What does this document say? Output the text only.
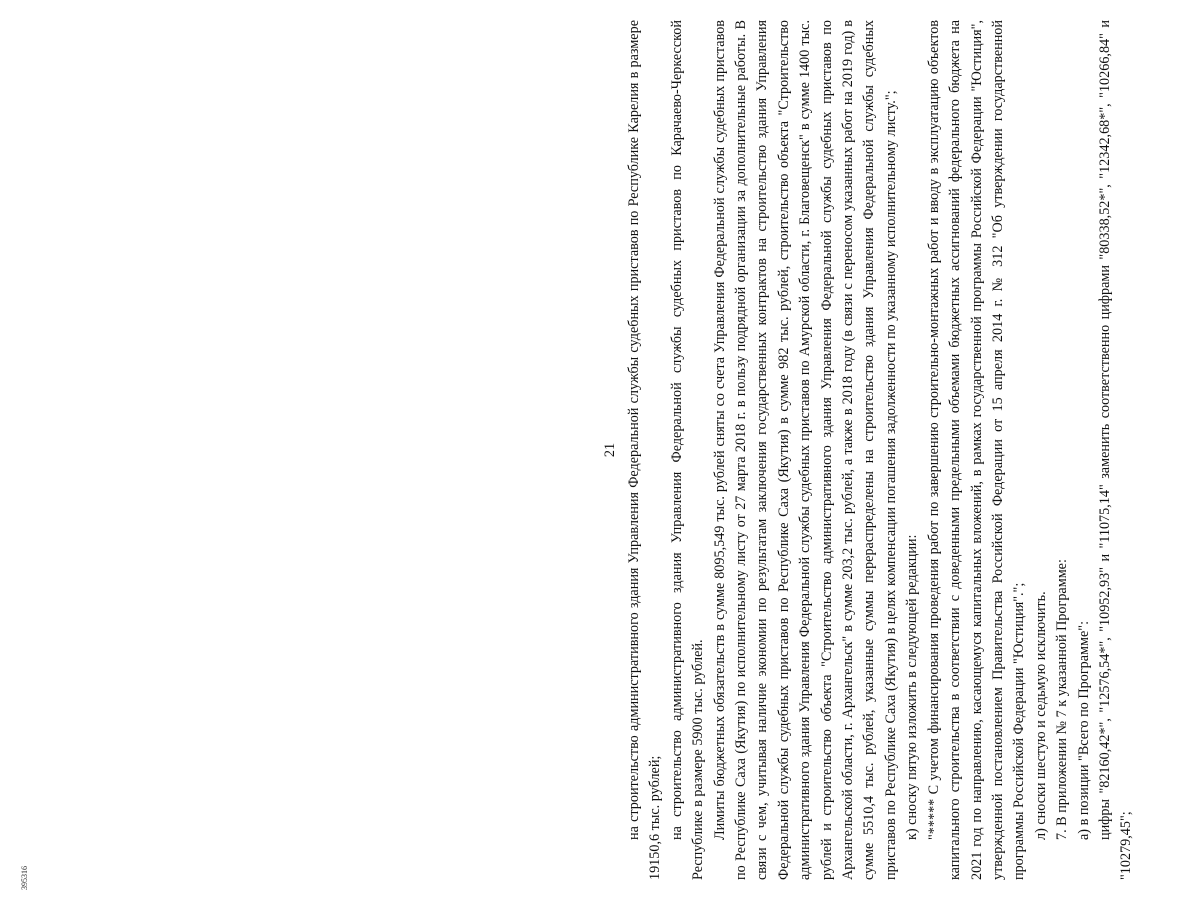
21 на строительство административного здания Управления Федеральной службы судебных приставов по Республике Карелия в размере 19150,6 тыс. рублей; на строительство административного здания Управления Федеральной службы судебных приставов по Карачаево-Черкесской Республике в размере 5900 тыс. рублей. Лимиты бюджетных обязательств в сумме 8095,549 тыс. рублей сняты со счета Управления Федеральной службы судебных приставов по Республике Саха (Якутия) по исполнительному листу от 27 марта 2018 г. в пользу подрядной организации за дополнительные работы. В связи с чем, учитывая наличие экономии по результатам заключения государственных контрактов на строительство здания Управления Федеральной службы судебных приставов по Республике Саха (Якутия) в сумме 982 тыс. рублей, строительство объекта "Строительство административного здания Управления Федеральной службы судебных приставов по Амурской области, г. Благовещенск" в сумме 1400 тыс. рублей и строительство объекта "Строительство административного здания Управления Федеральной службы судебных приставов по Архангельской области, г. Архангельск" в сумме 203,2 тыс. рублей, а также в 2018 году (в связи с переносом указанных работ на 2019 год) в сумме 5510,4 тыс. рублей, указанные суммы перераспределены на строительство здания Управления Федеральной службы судебных приставов по Республике Саха (Якутия) в целях компенсации погашения задолженности по указанному исполнительному листу."; к) сноску пятую изложить в следующей редакции: "***** С учетом финансирования проведения работ по завершению строительно-монтажных работ и вводу в эксплуатацию объектов капитального строительства в соответствии с доведенными предельными объемами бюджетных ассигнований федерального бюджета на 2021 год по направлению, касающемуся капитальных вложений, в рамках государственной программы Российской Федерации "Юстиция", утвержденной постановлением Правительства Российской Федерации от 15 апреля 2014 г. № 312 "Об утверждении государственной программы Российской Федерации "Юстиция"."; л) сноски шестую и седьмую исключить. 7. В приложении № 7 к указанной Программе: а) в позиции "Всего по Программе": цифры "82160,42*", "12576,54*", "10952,93" и "11075,14" заменить соответственно цифрами "80338,52*", "12342,68*", "10266,84" и "10279,45";

395316
